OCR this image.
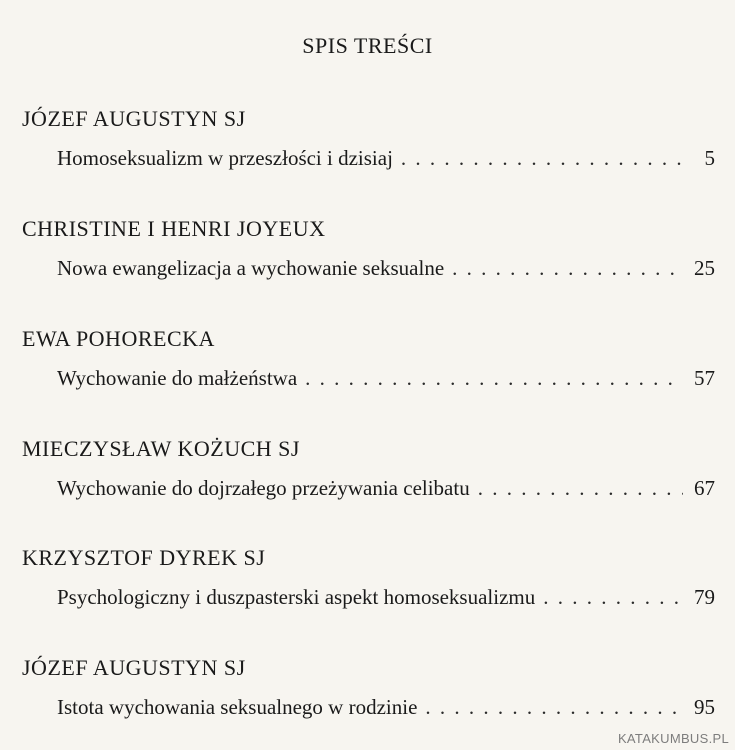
SPIS TREŚCI
JÓZEF AUGUSTYN SJ
Homoseksualizm w przeszłości i dzisiaj . . .	5
CHRISTINE I HENRI JOYEUX
Nowa ewangelizacja a wychowanie seksualne . . .	25
EWA POHORECKA
Wychowanie do małżeństwa . . .	57
MIECZYSŁAW KOŻUCH SJ
Wychowanie do dojrzałego przeżywania celibatu . . .	67
KRZYSZTOF DYREK SJ
Psychologiczny i duszpasterski aspekt homoseksualizmu . . .	79
JÓZEF AUGUSTYN SJ
Istota wychowania seksualnego w rodzinie . . .	95
KATAKUMBUS.PL
